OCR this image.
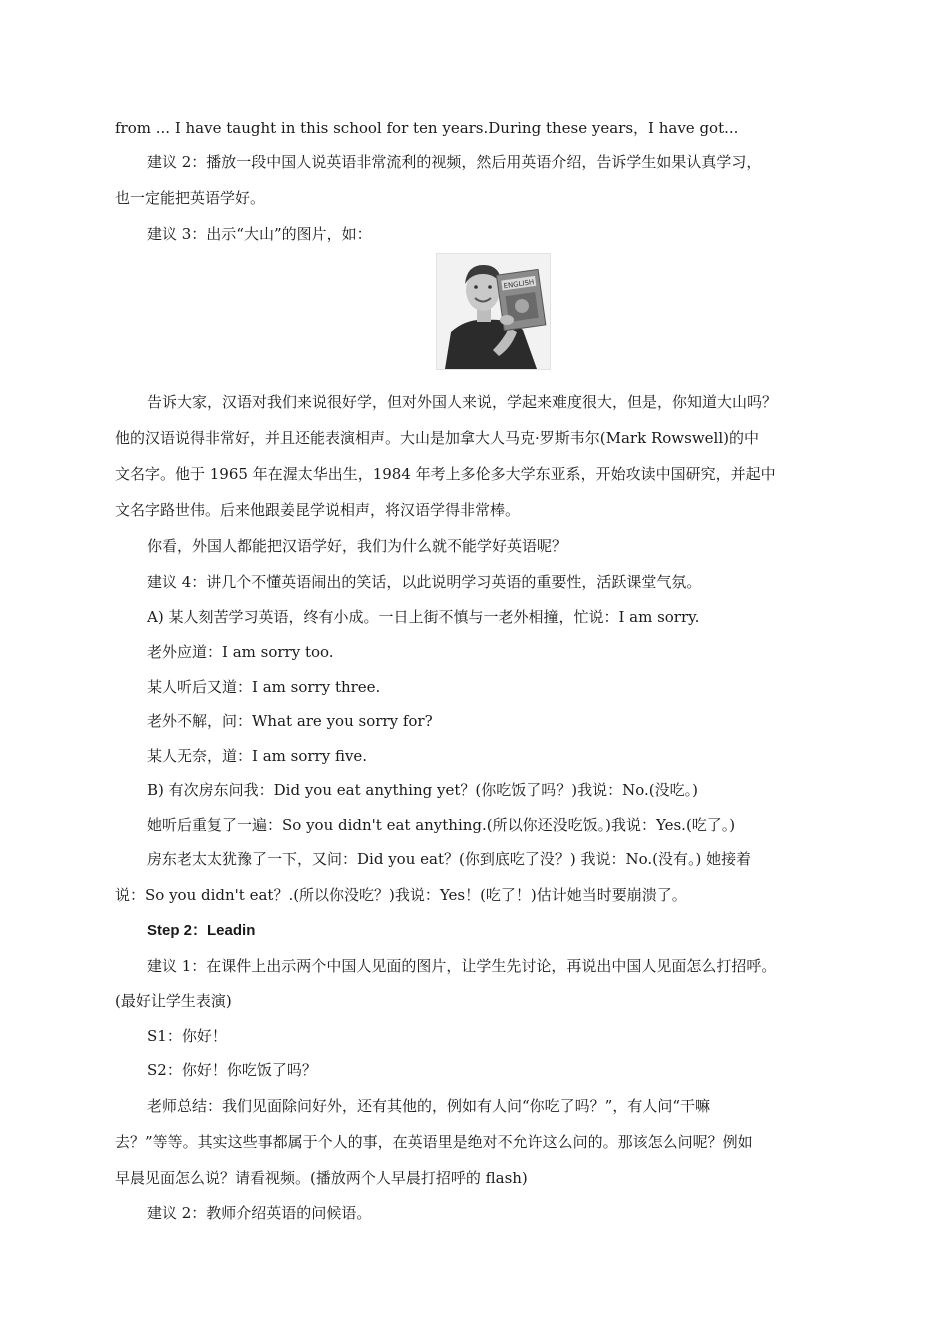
from ... I have taught in this school for ten years.During these years，I have got...
建议 2：播放一段中国人说英语非常流利的视频，然后用英语介绍，告诉学生如果认真学习，
也一定能把英语学好。
建议 3：出示“大山”的图片，如：
ENGLISH
告诉大家，汉语对我们来说很好学，但对外国人来说，学起来难度很大，但是，你知道大山吗？
他的汉语说得非常好，并且还能表演相声。大山是加拿大人马克·罗斯韦尔(Mark Rowswell)的中
文名字。他于 1965 年在渥太华出生，1984 年考上多伦多大学东亚系，开始攻读中国研究，并起中
文名字路世伟。后来他跟姜昆学说相声，将汉语学得非常棒。
你看，外国人都能把汉语学好，我们为什么就不能学好英语呢？
建议 4：讲几个不懂英语闹出的笑话，以此说明学习英语的重要性，活跃课堂气氛。
A) 某人刻苦学习英语，终有小成。一日上街不慎与一老外相撞，忙说：I am sorry.
老外应道：I am sorry too.
某人听后又道：I am sorry three.
老外不解，问：What are you sorry for?
某人无奈，道：I am sorry five.
B) 有次房东问我：Did you eat anything yet？(你吃饭了吗？)我说：No.(没吃。)
她听后重复了一遍：So you didn't eat anything.(所以你还没吃饭。)我说：Yes.(吃了。)
房东老太太犹豫了一下，又问：Did you eat？(你到底吃了没？) 我说：No.(没有。) 她接着
说：So you didn't eat？.(所以你没吃？)我说：Yes！(吃了！)估计她当时要崩溃了。
Step 2：Leadin
建议 1：在课件上出示两个中国人见面的图片，让学生先讨论，再说出中国人见面怎么打招呼。
(最好让学生表演)
S1：你好！
S2：你好！你吃饭了吗？
老师总结：我们见面除问好外，还有其他的，例如有人问“你吃了吗？”，有人问“干嘛
去？”等等。其实这些事都属于个人的事，在英语里是绝对不允许这么问的。那该怎么问呢？例如
早晨见面怎么说？请看视频。(播放两个人早晨打招呼的 flash)
建议 2：教师介绍英语的问候语。
